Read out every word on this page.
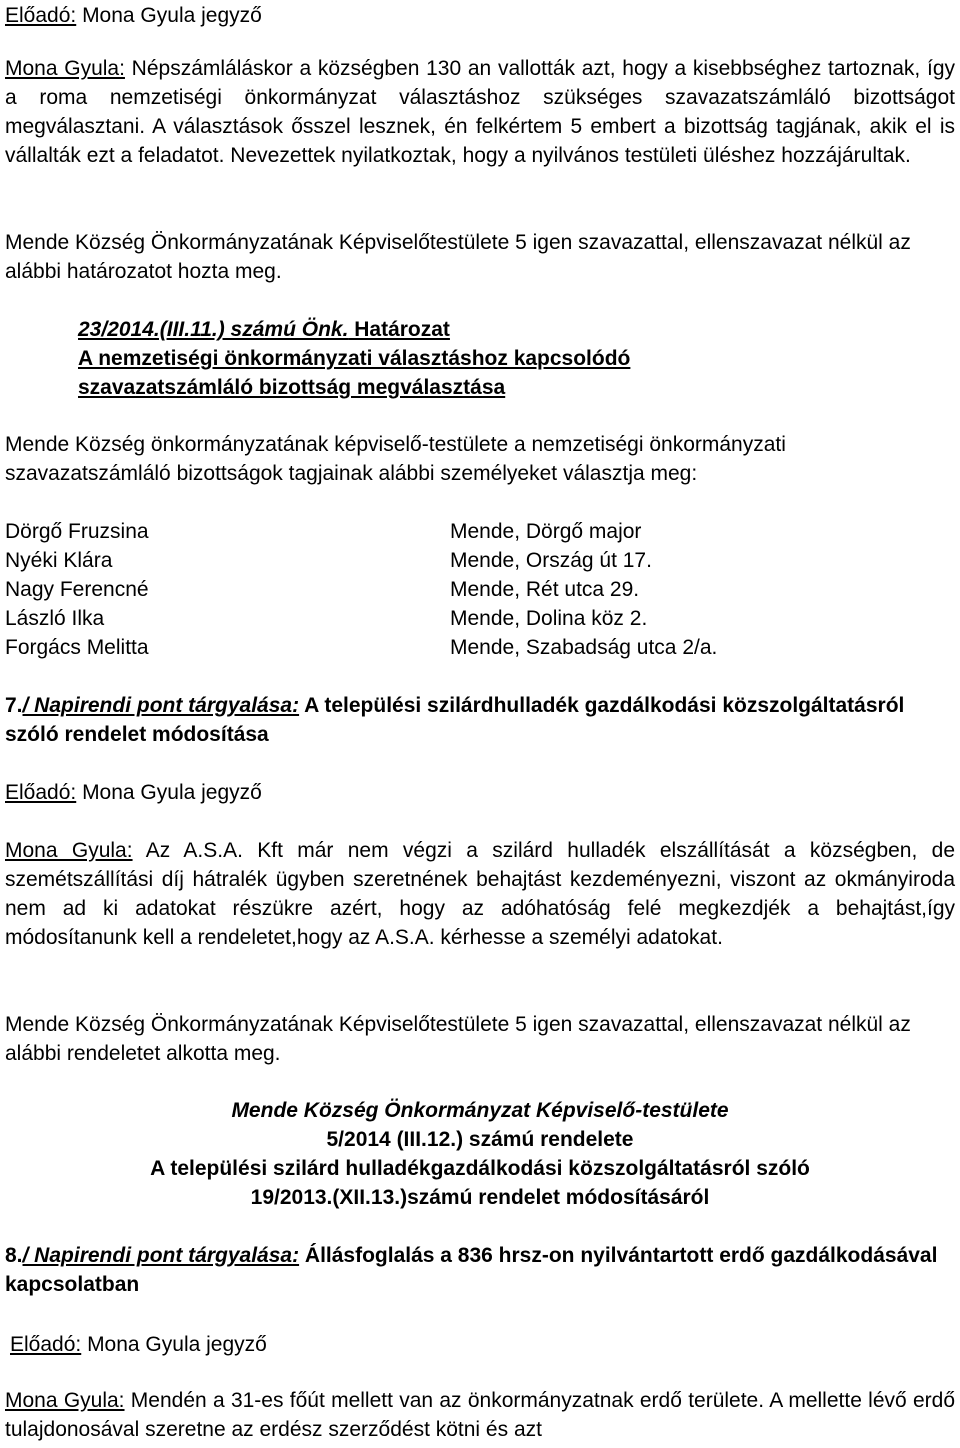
Előadó: Mona Gyula jegyző

Mona Gyula: Népszámláláskor a községben 130 an vallották azt, hogy a kisebbséghez tartoznak, így a roma nemzetiségi önkormányzat választáshoz szükséges szavazatszámláló bizottságot megválasztani. A választások ősszel lesznek, én felkértem 5 embert a bizottság tagjának, akik el is vállalták ezt a feladatot. Nevezettek nyilatkoztak, hogy a nyilvános testületi üléshez hozzájárultak.

Mende Község Önkormányzatának Képviselőtestülete 5 igen szavazattal, ellenszavazat nélkül az alábbi határozatot hozta meg.

23/2014.(III.11.) számú Önk. Határozat
A nemzetiségi önkormányzati választáshoz kapcsolódó
szavazatszámláló bizottság megválasztása

Mende Község önkormányzatának képviselő-testülete a nemzetiségi önkormányzati szavazatszámláló bizottságok tagjainak alábbi személyeket választja meg:

Dörgő Fruzsina	Mende, Dörgő major
Nyéki Klára	Mende, Ország út 17.
Nagy Ferencné	Mende, Rét utca 29.
László Ilka	Mende, Dolina köz 2.
Forgács Melitta	Mende, Szabadság utca 2/a.

7./ Napirendi pont tárgyalása: A települési szilárdhulladék gazdálkodási közszolgáltatásról szóló rendelet módosítása

Előadó: Mona Gyula jegyző

Mona Gyula: Az A.S.A. Kft már nem végzi a szilárd hulladék elszállítását a községben, de szemétszállítási díj hátralék ügyben szeretnének behajtást kezdeményezni, viszont az okmányiroda nem ad ki adatokat részükre azért, hogy az adóhatóság felé megkezdjék a behajtást,így módosítanunk kell a rendeletet,hogy az A.S.A. kérhesse a személyi adatokat.

Mende Község Önkormányzatának Képviselőtestülete 5 igen szavazattal, ellenszavazat nélkül az alábbi rendeletet alkotta meg.

Mende Község Önkormányzat Képviselő-testülete
5/2014 (III.12.) számú rendelete
A települési szilárd hulladékgazdálkodási közszolgáltatásról szóló
19/2013.(XII.13.)számú rendelet módosításáról

8./ Napirendi pont tárgyalása: Állásfoglalás a 836 hrsz-on nyilvántartott erdő gazdálkodásával kapcsolatban

Előadó: Mona Gyula jegyző

Mona Gyula: Mendén a 31-es főút mellett van az önkormányzatnak erdő területe. A mellette lévő erdő tulajdonosával szeretne az erdész szerződést kötni és azt
